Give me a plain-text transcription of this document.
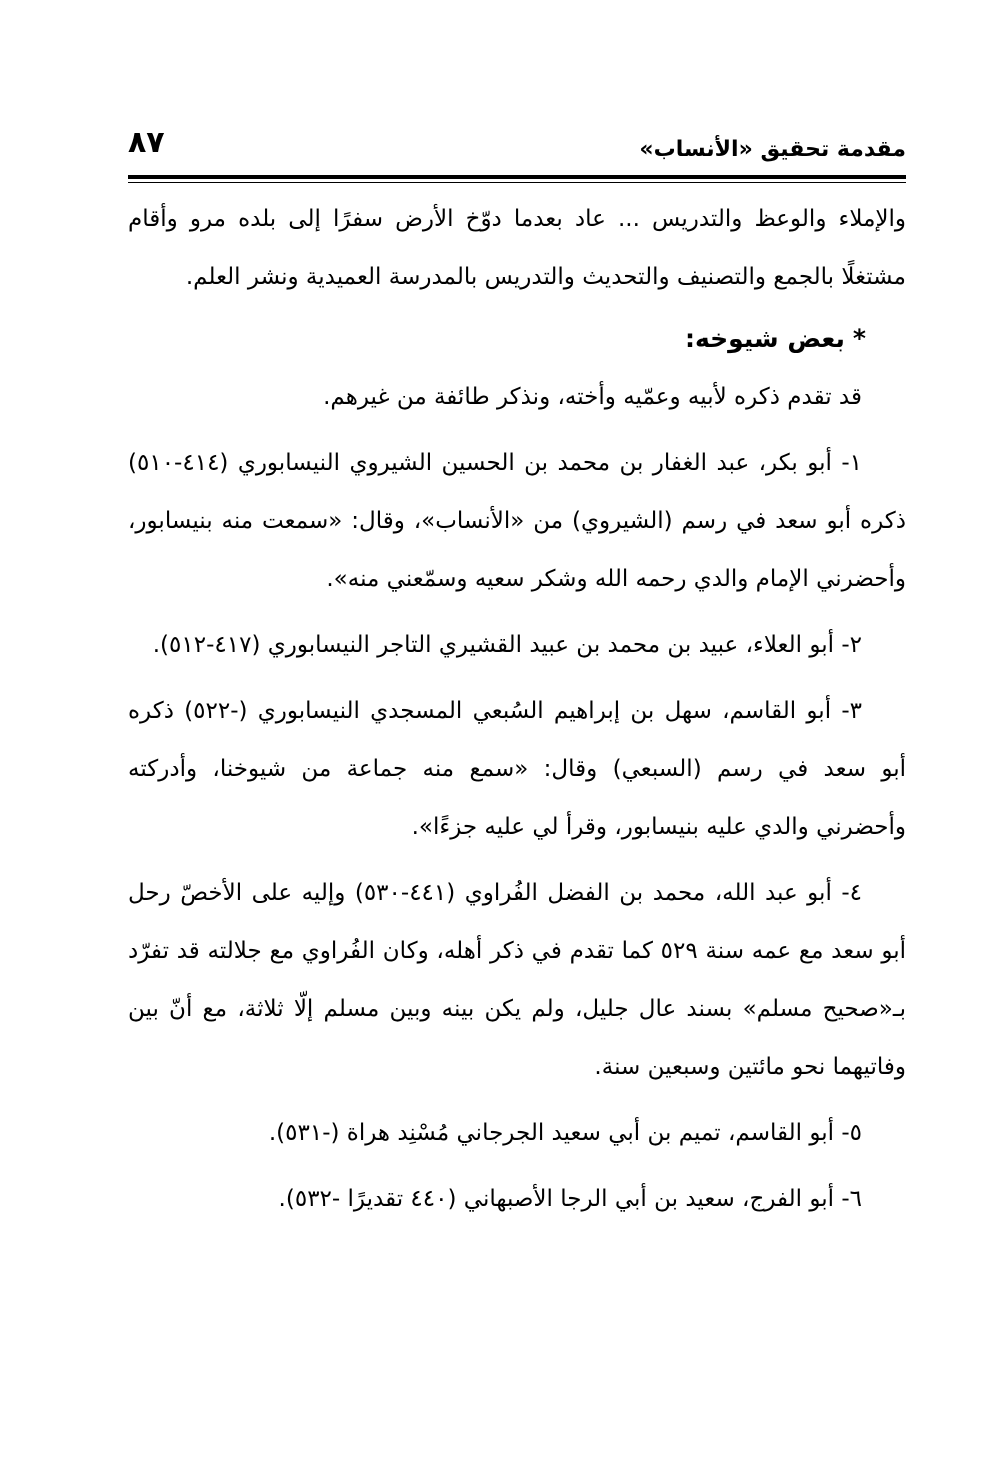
٨٧	مقدمة تحقيق «الأنساب»

والإملاء والوعظ والتدريس ... عاد بعدما دوّخ الأرض سفرًا إلى بلده مرو وأقام مشتغلًا بالجمع والتصنيف والتحديث والتدريس بالمدرسة العميدية ونشر العلم.

*بعض شيوخه:

قد تقدم ذكره لأبيه وعمّيه وأخته، ونذكر طائفة من غيرهم.

١- أبو بكر، عبد الغفار بن محمد بن الحسين الشيروي النيسابوري (٤١٤-٥١٠) ذكره أبو سعد في رسم (الشيروي) من «الأنساب»، وقال: «سمعت منه بنيسابور، وأحضرني الإمام والدي رحمه الله وشكر سعيه وسمّعني منه».

٢- أبو العلاء، عبيد بن محمد بن عبيد القشيري التاجر النيسابوري (٤١٧-٥١٢).

٣- أبو القاسم، سهل بن إبراهيم السُبعي المسجدي النيسابوري (-٥٢٢) ذكره أبو سعد في رسم (السبعي) وقال: «سمع منه جماعة من شيوخنا، وأدركته وأحضرني والدي عليه بنيسابور، وقرأ لي عليه جزءًا».

٤- أبو عبد الله، محمد بن الفضل الفُراوي (٤٤١-٥٣٠) وإليه على الأخصّ رحل أبو سعد مع عمه سنة ٥٢٩ كما تقدم في ذكر أهله، وكان الفُراوي مع جلالته قد تفرّد بـ«صحيح مسلم» بسند عال جليل، ولم يكن بينه وبين مسلم إلّا ثلاثة، مع أنّ بين وفاتيهما نحو مائتين وسبعين سنة.

٥- أبو القاسم، تميم بن أبي سعيد الجرجاني مُسْنِد هراة (-٥٣١).

٦- أبو الفرج، سعيد بن أبي الرجا الأصبهاني (٤٤٠ تقديرًا -٥٣٢).
